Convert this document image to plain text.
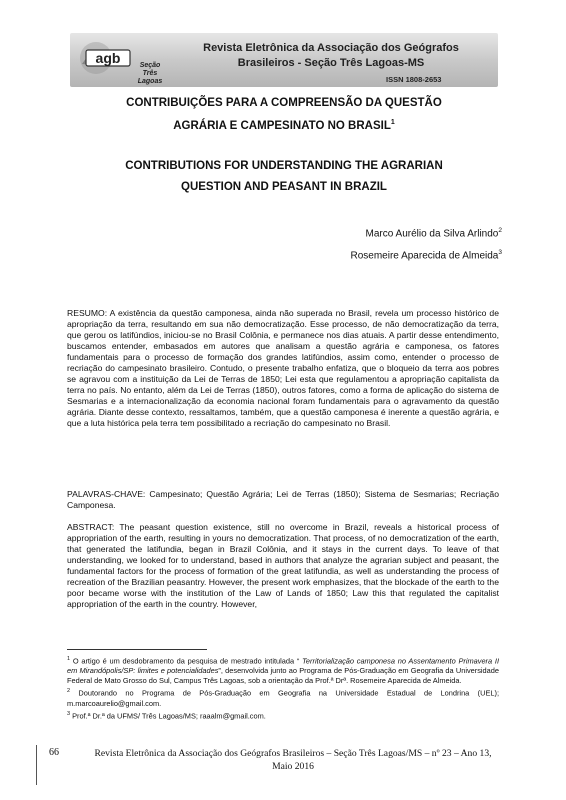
agb	Seção
Três Lagoas
Revista Eletrônica da Associação dos Geógrafos
Brasileiros - Seção Três Lagoas-MS
ISSN 1808-2653
CONTRIBUIÇÕES PARA A COMPREENSÃO DA QUESTÃO
AGRÁRIA E CAMPESINATO NO BRASIL$^1$
CONTRIBUTIONS FOR UNDERSTANDING THE AGRARIAN
QUESTION AND PEASANT IN BRAZIL
Marco Aurélio da Silva Arlindo$^2$
Rosemeire Aparecida de Almeida$^3$
RESUMO: A existência da questão camponesa, ainda não superada no Brasil, revela um processo histórico de apropriação da terra, resultando em sua não democratização. Esse processo, de não democratização da terra, que gerou os latifúndios, iniciou-se no Brasil Colônia, e permanece nos dias atuais. A partir desse entendimento, buscamos entender, embasados em autores que analisam a questão agrária e camponesa, os fatores fundamentais para o processo de formação dos grandes latifúndios, assim como, entender o processo de recriação do campesinato brasileiro. Contudo, o presente trabalho enfatiza, que o bloqueio da terra aos pobres se agravou com a instituição da Lei de Terras de 1850; Lei esta que regulamentou a apropriação capitalista da terra no país. No entanto, além da Lei de Terras (1850), outros fatores, como a forma de aplicação do sistema de Sesmarias e a internacionalização da economia nacional foram fundamentais para o agravamento da questão agrária. Diante desse contexto, ressaltamos, também, que a questão camponesa é inerente a questão agrária, e que a luta histórica pela terra tem possibilitado a recriação do campesinato no Brasil.
PALAVRAS-CHAVE: Campesinato; Questão Agrária; Lei de Terras (1850); Sistema de Sesmarias; Recriação Camponesa.
ABSTRACT: The peasant question existence, still no overcome in Brazil, reveals a historical process of appropriation of the earth, resulting in yours no democratization. That process, of no democratization of the earth, that generated the latifundia, began in Brazil Colônia, and it stays in the current days. To leave of that understanding, we looked for to understand, based in authors that analyze the agrarian subject and peasant, the fundamental factors for the process of formation of the great latifundia, as well as understanding the process of recreation of the Brazilian peasantry. However, the present work emphasizes, that the blockade of the earth to the poor became worse with the institution of the Law of Lands of 1850; Law this that regulated the capitalist appropriation of the earth in the country. However,

$^1$ O artigo é um desdobramento da pesquisa de mestrado intitulada “ Territorialização camponesa no Assentamento Primavera II em Mirandópolis/SP: limites e potencialidades”, desenvolvida junto ao Programa de Pós-Graduação em Geografia da Universidade Federal de Mato Grosso do Sul, Campus Três Lagoas, sob a orientação da Prof.ª Drª. Rosemeire Aparecida de Almeida.

$^2$ Doutorando no Programa de Pós-Graduação em Geografia na Universidade Estadual de Londrina (UEL); m.marcoaurelio@gmail.com.

$^3$ Prof.ª Dr.ª da UFMS/ Três Lagoas/MS; raaalm@gmail.com.

66	Revista Eletrônica da Associação dos Geógrafos Brasileiros – Seção Três Lagoas/MS – nº 23 – Ano 13,
Maio 2016
